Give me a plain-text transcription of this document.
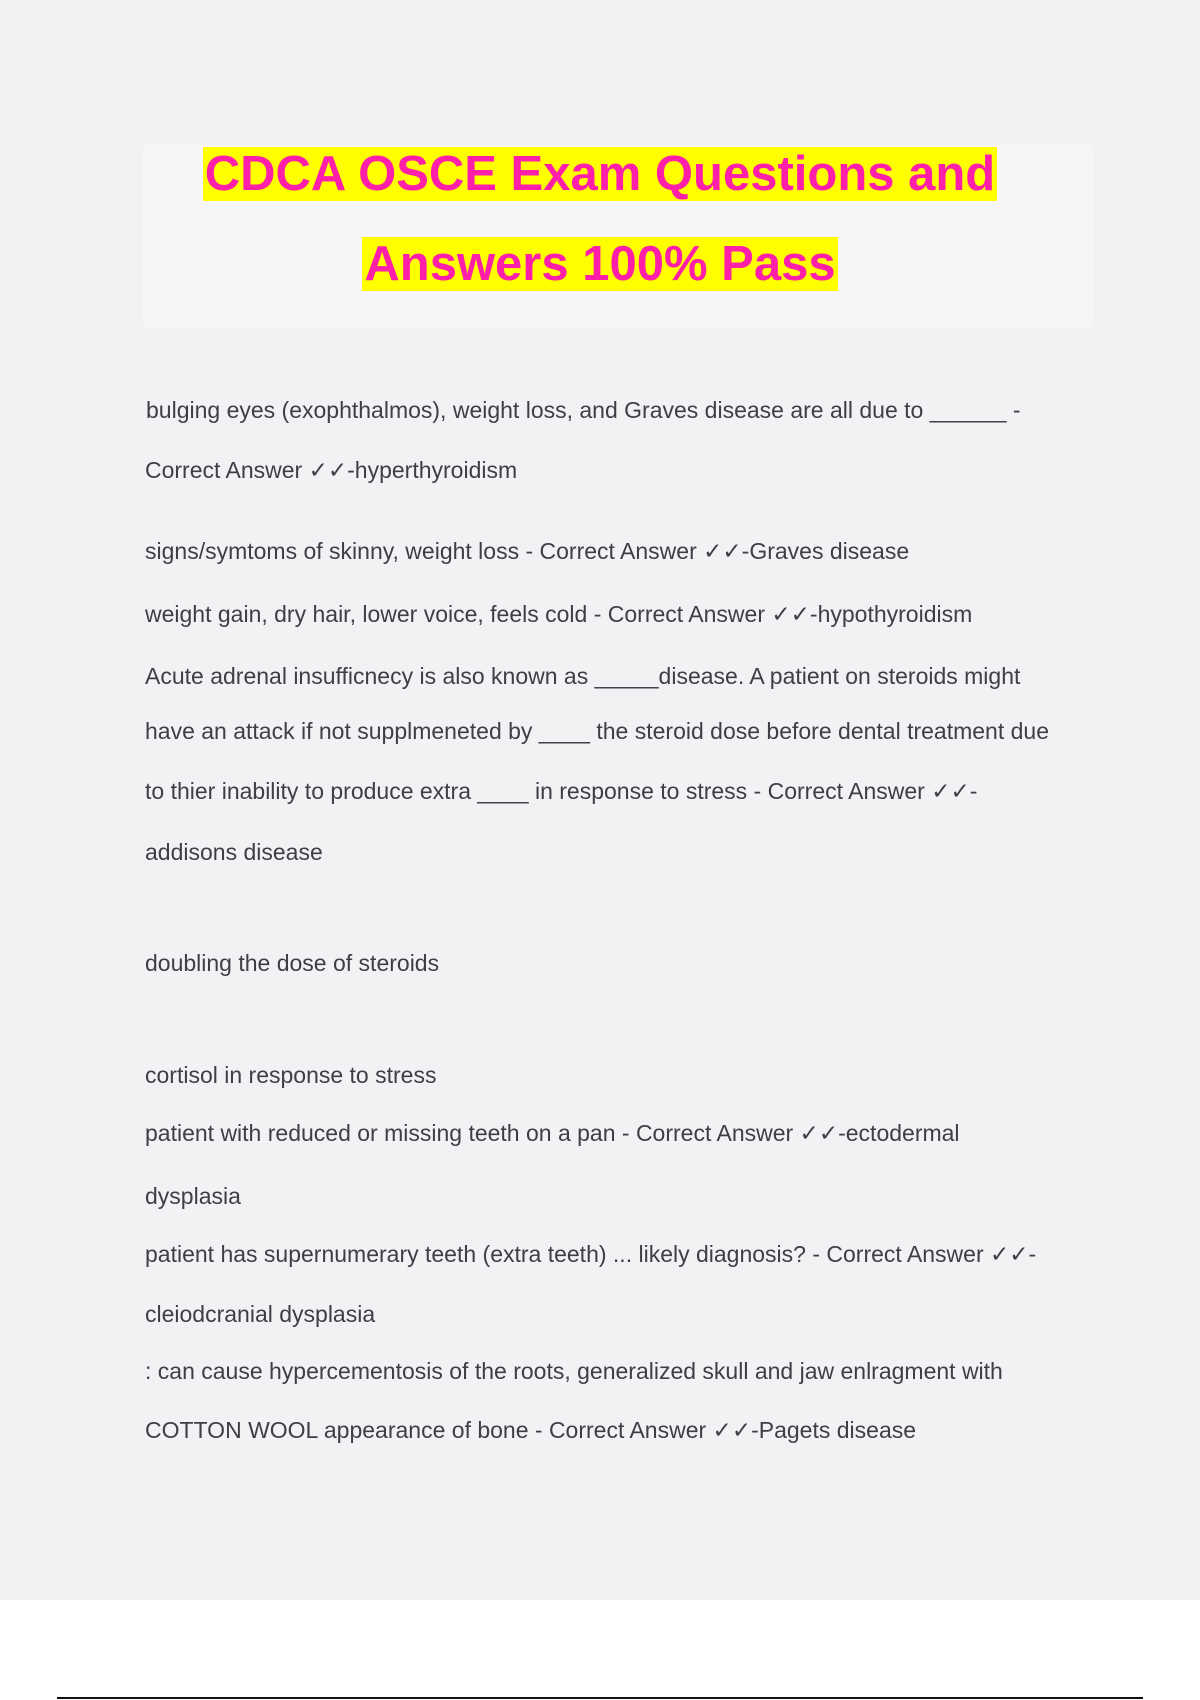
CDCA OSCE Exam Questions and
Answers 100% Pass
bulging eyes (exophthalmos), weight loss, and Graves disease are all due to ______ -
Correct Answer ✓✓-hyperthyroidism
signs/symtoms of skinny, weight loss - Correct Answer ✓✓-Graves disease
weight gain, dry hair, lower voice, feels cold - Correct Answer ✓✓-hypothyroidism
Acute adrenal insufficnecy is also known as _____disease. A patient on steroids might
have an attack if not supplmeneted by ____ the steroid dose before dental treatment due
to thier inability to produce extra ____ in response to stress - Correct Answer ✓✓-
addisons disease
doubling the dose of steroids
cortisol in response to stress
patient with reduced or missing teeth on a pan - Correct Answer ✓✓-ectodermal
dysplasia
patient has supernumerary teeth (extra teeth) ... likely diagnosis? - Correct Answer ✓✓-
cleiodcranial dysplasia
: can cause hypercementosis of the roots, generalized skull and jaw enlragment with
COTTON WOOL appearance of bone - Correct Answer ✓✓-Pagets disease
